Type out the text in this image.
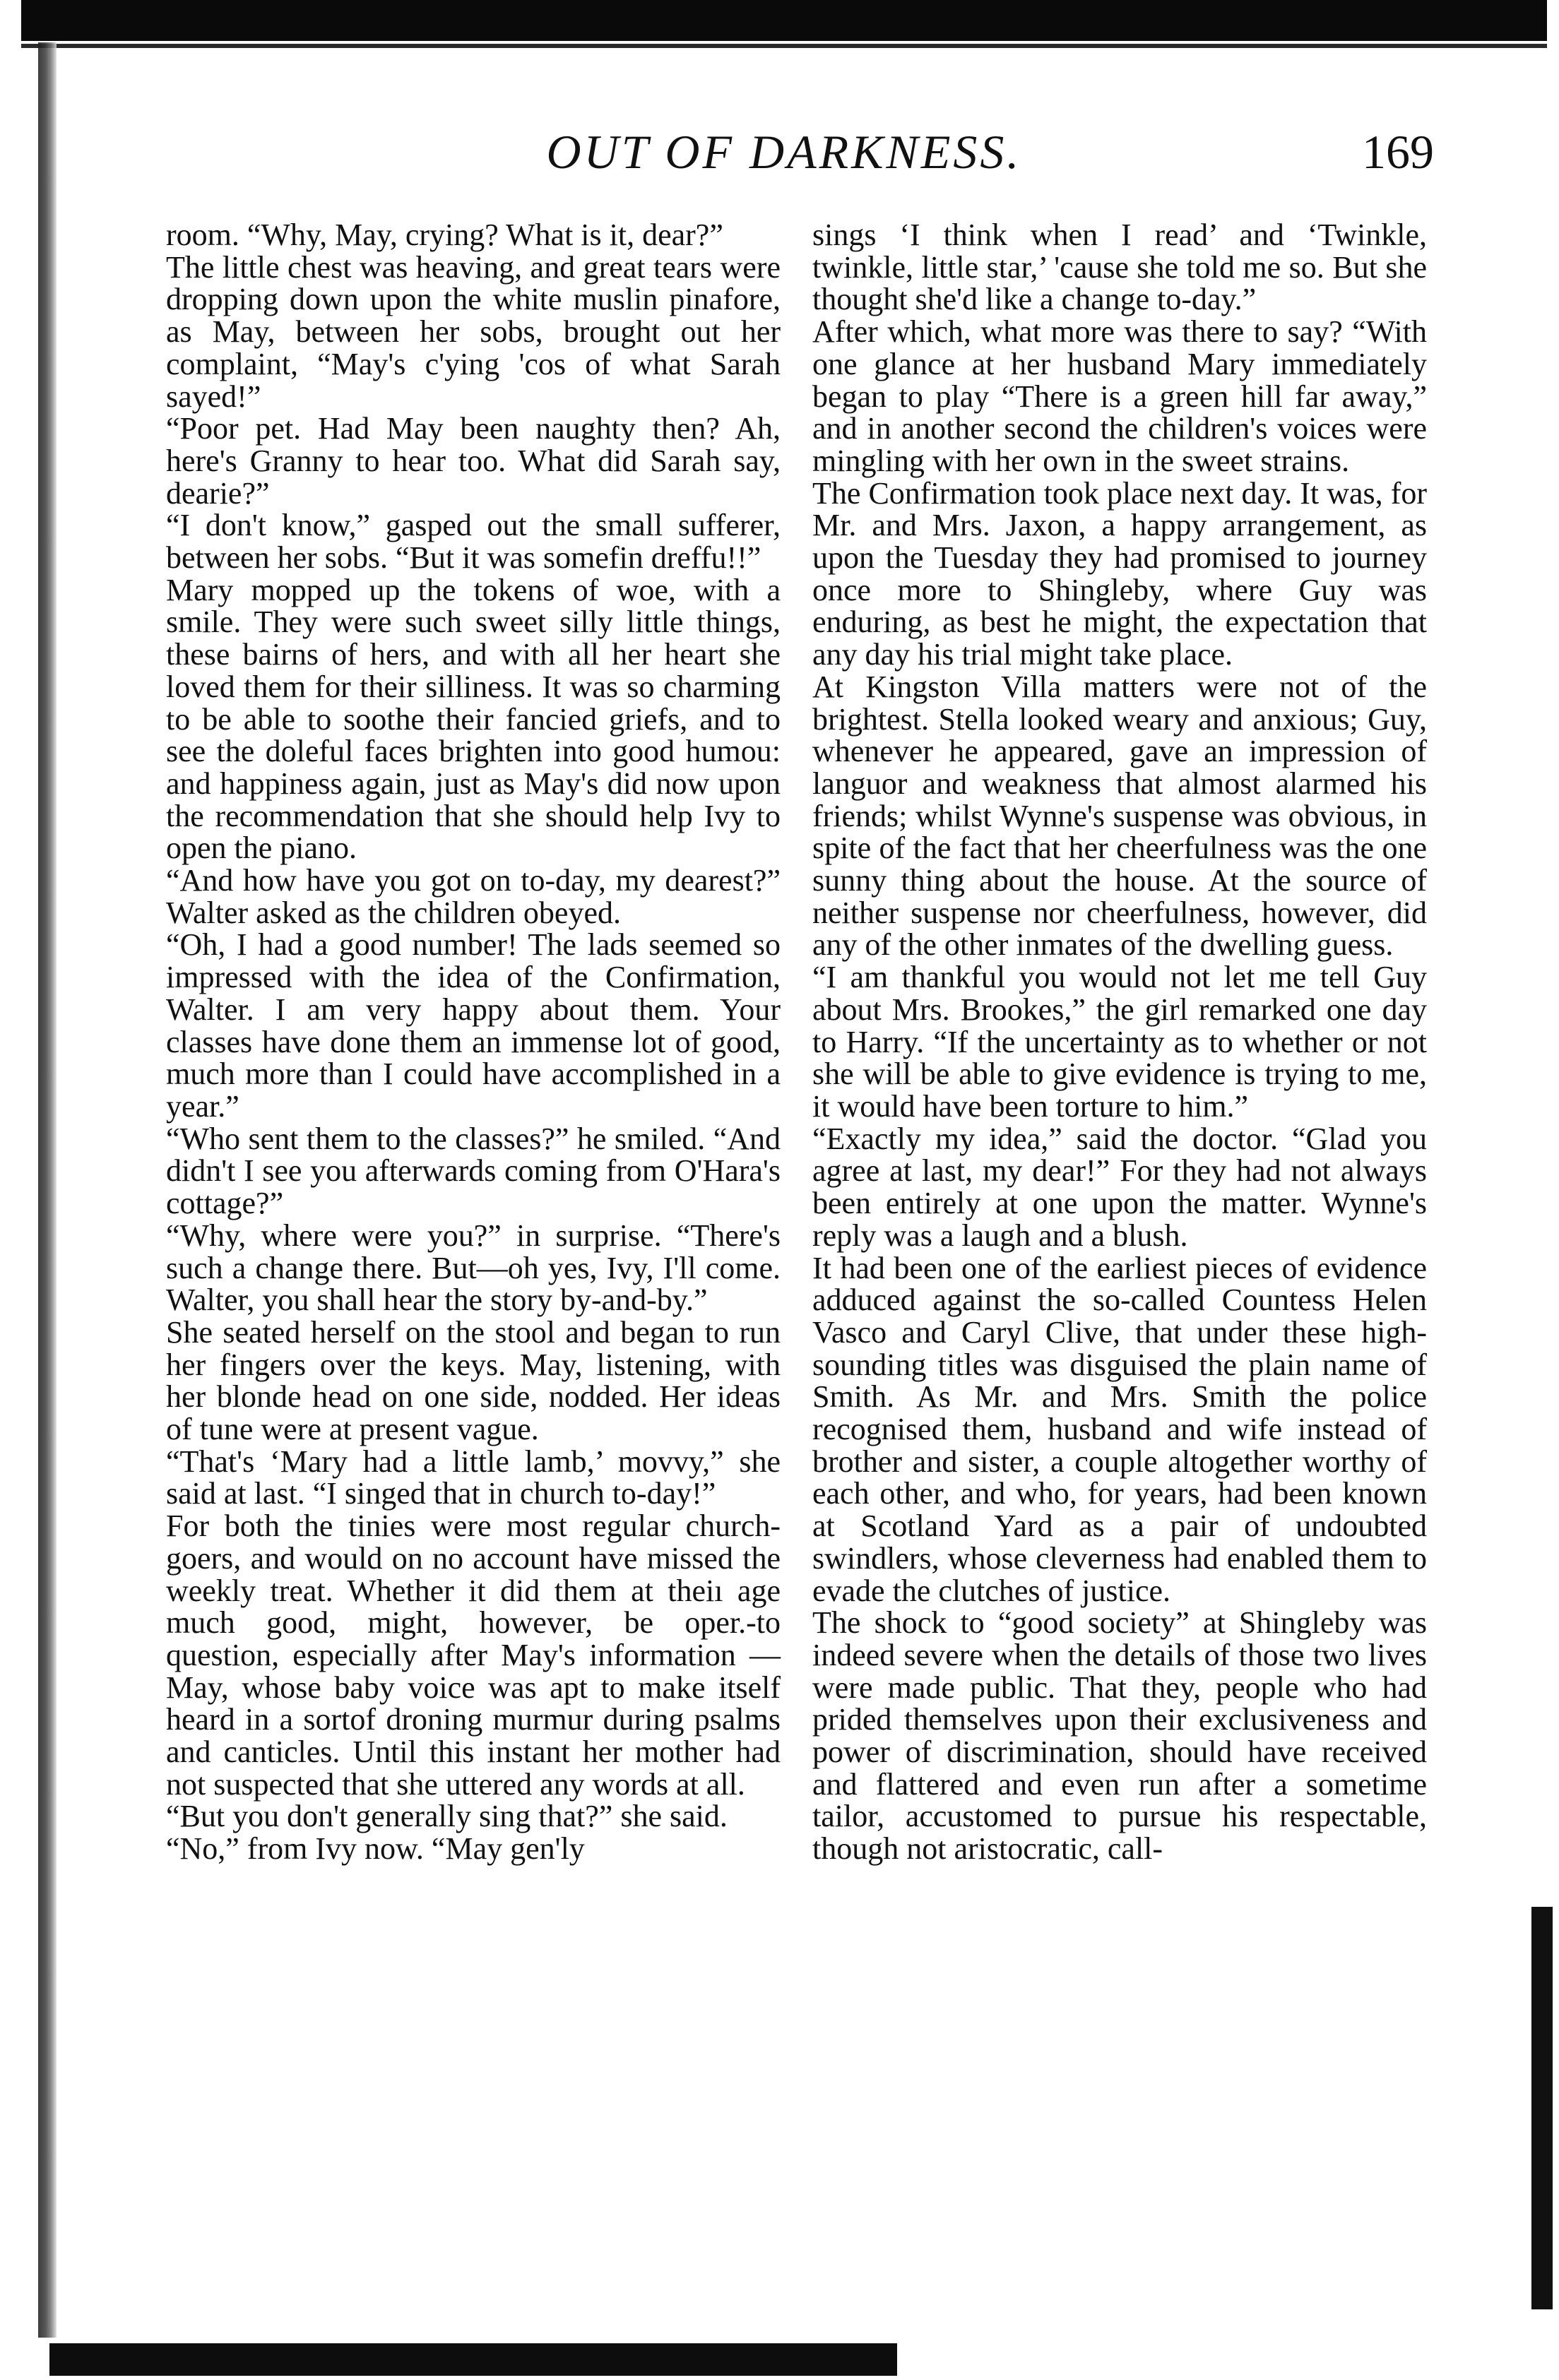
OUT OF DARKNESS.	169

room. “Why, May, crying? What is it, dear?”

The little chest was heaving, and great tears were dropping down upon the white muslin pinafore, as May, between her sobs, brought out her complaint, “May's c'ying 'cos of what Sarah sayed!”

“Poor pet. Had May been naughty then? Ah, here's Granny to hear too. What did Sarah say, dearie?”

“I don't know,” gasped out the small sufferer, between her sobs. “But it was somefin dreffu!!”

Mary mopped up the tokens of woe, with a smile. They were such sweet silly little things, these bairns of hers, and with all her heart she loved them for their silliness. It was so charming to be able to soothe their fancied griefs, and to see the doleful faces brighten into good humou: and happiness again, just as May's did now upon the recommendation that she should help Ivy to open the piano.

“And how have you got on to-day, my dearest?” Walter asked as the children obeyed.

“Oh, I had a good number! The lads seemed so impressed with the idea of the Confirmation, Walter. I am very happy about them. Your classes have done them an immense lot of good, much more than I could have accomplished in a year.”

“Who sent them to the classes?” he smiled. “And didn't I see you afterwards coming from O'Hara's cottage?”

“Why, where were you?” in surprise. “There's such a change there. But—oh yes, Ivy, I'll come. Walter, you shall hear the story by-and-by.”

She seated herself on the stool and began to run her fingers over the keys. May, listening, with her blonde head on one side, nodded. Her ideas of tune were at present vague.

“That's ‘Mary had a little lamb,’ movvy,” she said at last. “I singed that in church to-day!”

For both the tinies were most regular church-goers, and would on no account have missed the weekly treat. Whether it did them at theiı age much good, might, however, be oper.-to question, especially after May's information — May, whose baby voice was apt to make itself heard in a sortof droning murmur during psalms and canticles. Until this instant her mother had not suspected that she uttered any words at all.

“But you don't generally sing that?” she said.

“No,” from Ivy now. “May gen'ly

sings ‘I think when I read’ and ‘Twinkle, twinkle, little star,’ 'cause she told me so. But she thought she'd like a change to-day.”

After which, what more was there to say? “With one glance at her husband Mary immediately began to play “There is a green hill far away,” and in another second the children's voices were mingling with her own in the sweet strains.

The Confirmation took place next day. It was, for Mr. and Mrs. Jaxon, a happy arrangement, as upon the Tuesday they had promised to journey once more to Shingleby, where Guy was enduring, as best he might, the expectation that any day his trial might take place.

At Kingston Villa matters were not of the brightest. Stella looked weary and anxious; Guy, whenever he appeared, gave an impression of languor and weakness that almost alarmed his friends; whilst Wynne's suspense was obvious, in spite of the fact that her cheerfulness was the one sunny thing about the house. At the source of neither suspense nor cheerfulness, however, did any of the other inmates of the dwelling guess.

“I am thankful you would not let me tell Guy about Mrs. Brookes,” the girl remarked one day to Harry. “If the uncertainty as to whether or not she will be able to give evidence is trying to me, it would have been torture to him.”

“Exactly my idea,” said the doctor. “Glad you agree at last, my dear!” For they had not always been entirely at one upon the matter. Wynne's reply was a laugh and a blush.

It had been one of the earliest pieces of evidence adduced against the so-called Countess Helen Vasco and Caryl Clive, that under these high-sounding titles was disguised the plain name of Smith. As Mr. and Mrs. Smith the police recognised them, husband and wife instead of brother and sister, a couple altogether worthy of each other, and who, for years, had been known at Scotland Yard as a pair of undoubted swindlers, whose cleverness had enabled them to evade the clutches of justice.

The shock to “good society” at Shingleby was indeed severe when the details of those two lives were made public. That they, people who had prided themselves upon their exclusiveness and power of discrimination, should have received and flattered and even run after a sometime tailor, accustomed to pursue his respectable, though not aristocratic, call-
